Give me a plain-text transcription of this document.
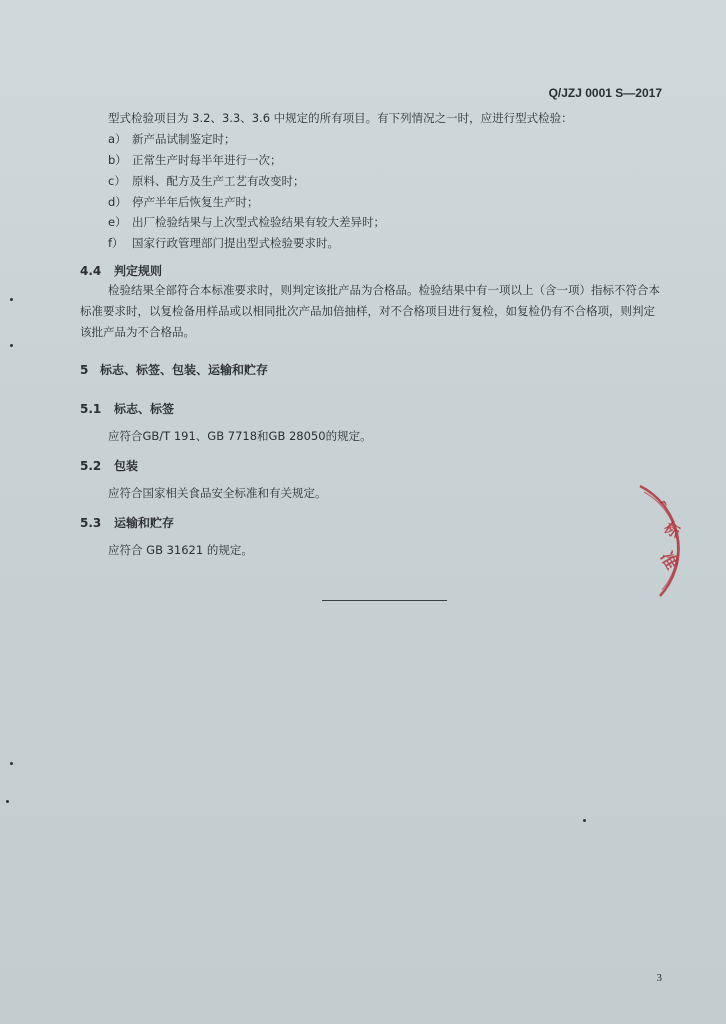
Q/JZJ 0001 S—2017
型式检验项目为 3.2、3.3、3.6 中规定的所有项目。有下列情况之一时，应进行型式检验：
a） 新产品试制鉴定时；
b） 正常生产时每半年进行一次；
c） 原料、配方及生产工艺有改变时；
d） 停产半年后恢复生产时；
e） 出厂检验结果与上次型式检验结果有较大差异时；
f） 国家行政管理部门提出型式检验要求时。
4.4 判定规则
检验结果全部符合本标准要求时，则判定该批产品为合格品。检验结果中有一项以上（含一项）指标不符合本标准要求时，以复检备用样品或以相同批次产品加倍抽样，对不合格项目进行复检，如复检仍有不合格项，则判定该批产品为不合格品。
5 标志、标签、包装、运输和贮存
5.1 标志、标签
应符合GB/T 191、GB 7718和GB 28050的规定。
5.2 包装
应符合国家相关食品安全标准和有关规定。
5.3 运输和贮存
应符合 GB 31621 的规定。
^
标
准
3
